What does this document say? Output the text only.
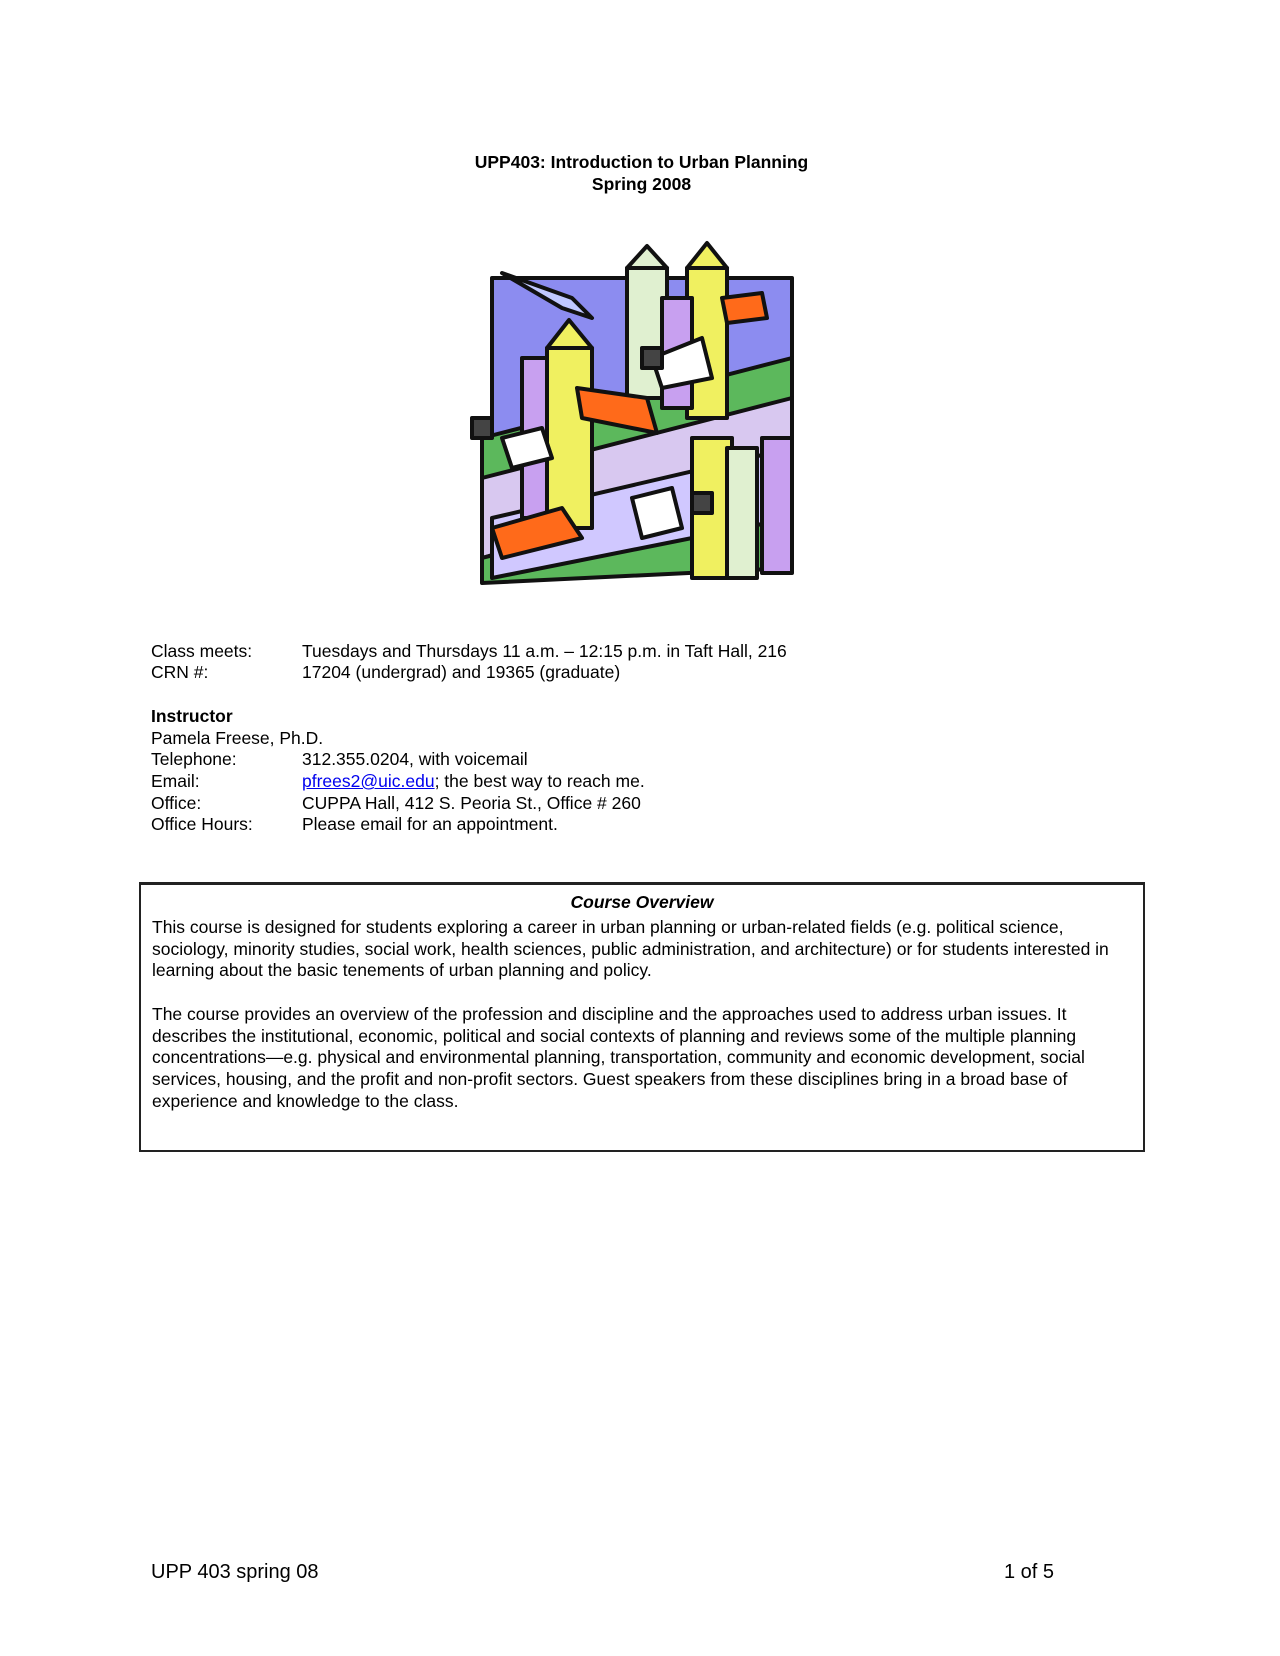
UPP403: Introduction to Urban Planning
Spring 2008
Class meets:	Tuesdays and Thursdays 11 a.m. – 12:15 p.m. in Taft Hall, 216
CRN #:	17204 (undergrad) and 19365 (graduate)
Instructor
Pamela Freese, Ph.D.
Telephone:	312.355.0204, with voicemail
Email:	pfrees2@uic.edu; the best way to reach me.
Office:	CUPPA Hall, 412 S. Peoria St., Office # 260
Office Hours:	Please email for an appointment.
Course Overview

This course is designed for students exploring a career in urban planning or urban-related fields (e.g. political science, sociology, minority studies, social work, health sciences, public administration, and architecture) or for students interested in learning about the basic tenements of urban planning and policy.

The course provides an overview of the profession and discipline and the approaches used to address urban issues. It describes the institutional, economic, political and social contexts of planning and reviews some of the multiple planning concentrations—e.g. physical and environmental planning, transportation, community and economic development, social services, housing, and the profit and non-profit sectors. Guest speakers from these disciplines bring in a broad base of experience and knowledge to the class.

UPP 403 spring 08	1 of 5
